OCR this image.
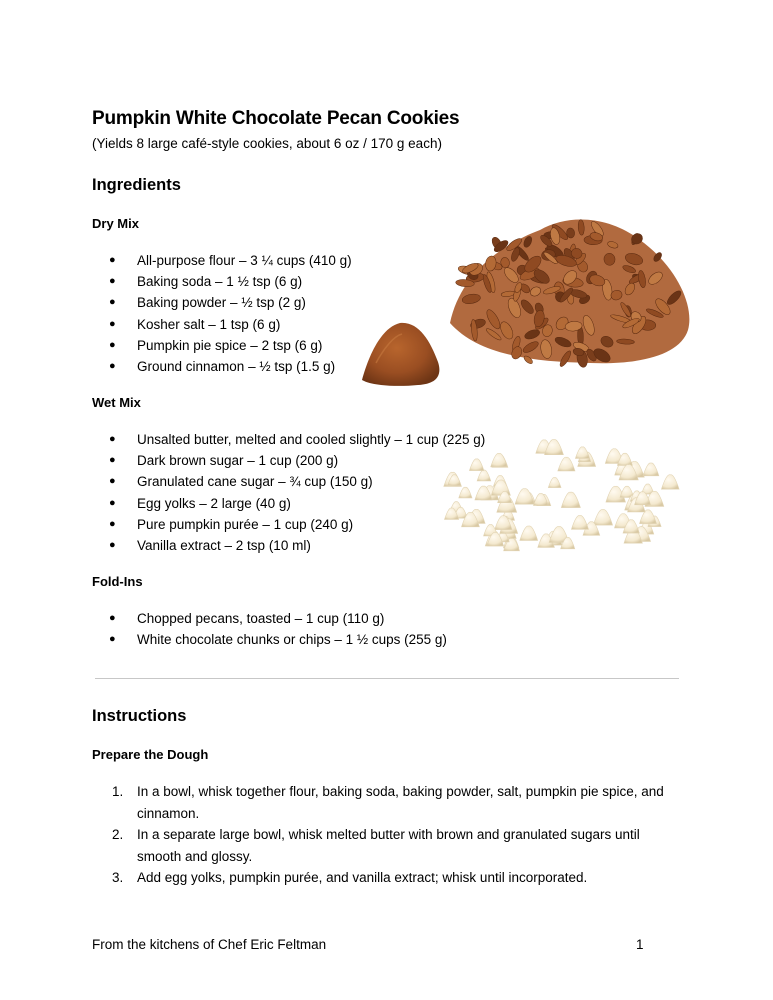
Pumpkin White Chocolate Pecan Cookies
(Yields 8 large café-style cookies, about 6 oz / 170 g each)
Ingredients
Dry Mix
● All-purpose flour – 3 ¼ cups (410 g)
● Baking soda – 1 ½ tsp (6 g)
● Baking powder – ½ tsp (2 g)
● Kosher salt – 1 tsp (6 g)
● Pumpkin pie spice – 2 tsp (6 g)
● Ground cinnamon – ½ tsp (1.5 g)
Wet Mix
● Unsalted butter, melted and cooled slightly – 1 cup (225 g)
● Dark brown sugar – 1 cup (200 g)
● Granulated cane sugar – ¾ cup (150 g)
● Egg yolks – 2 large (40 g)
● Pure pumpkin purée – 1 cup (240 g)
● Vanilla extract – 2 tsp (10 ml)
Fold-Ins
● Chopped pecans, toasted – 1 cup (110 g)
● White chocolate chunks or chips – 1 ½ cups (255 g)
Instructions
Prepare the Dough
1. In a bowl, whisk together flour, baking soda, baking powder, salt, pumpkin pie spice, and cinnamon.
2. In a separate large bowl, whisk melted butter with brown and granulated sugars until smooth and glossy.
3. Add egg yolks, pumpkin purée, and vanilla extract; whisk until incorporated.
From the kitchens of Chef Eric Feltman	1
